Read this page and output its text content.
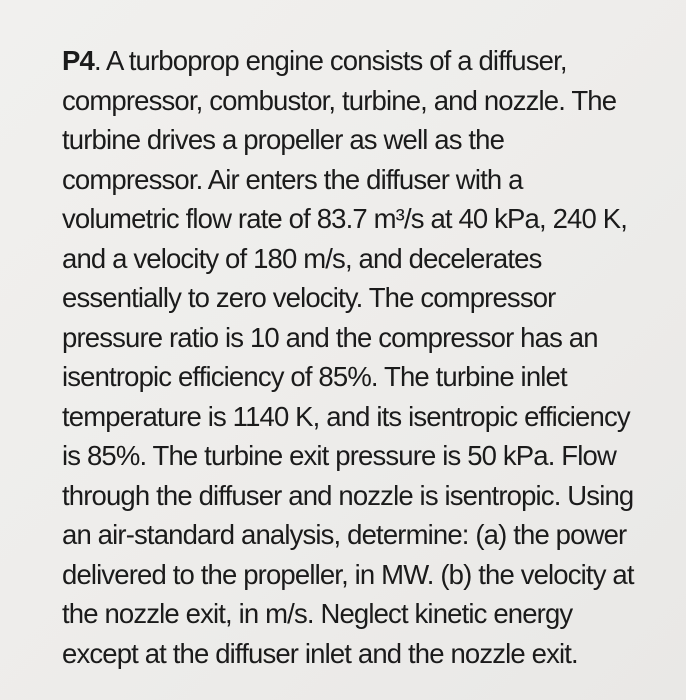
P4. A turboprop engine consists of a diffuser,
compressor, combustor, turbine, and nozzle. The
turbine drives a propeller as well as the
compressor. Air enters the diffuser with a
volumetric flow rate of 83.7 m³/s at 40 kPa, 240 K,
and a velocity of 180 m/s, and decelerates
essentially to zero velocity. The compressor
pressure ratio is 10 and the compressor has an
isentropic efficiency of 85%. The turbine inlet
temperature is 1140 K, and its isentropic efficiency
is 85%. The turbine exit pressure is 50 kPa. Flow
through the diffuser and nozzle is isentropic. Using
an air-standard analysis, determine: (a) the power
delivered to the propeller, in MW. (b) the velocity at
the nozzle exit, in m/s. Neglect kinetic energy
except at the diffuser inlet and the nozzle exit.
